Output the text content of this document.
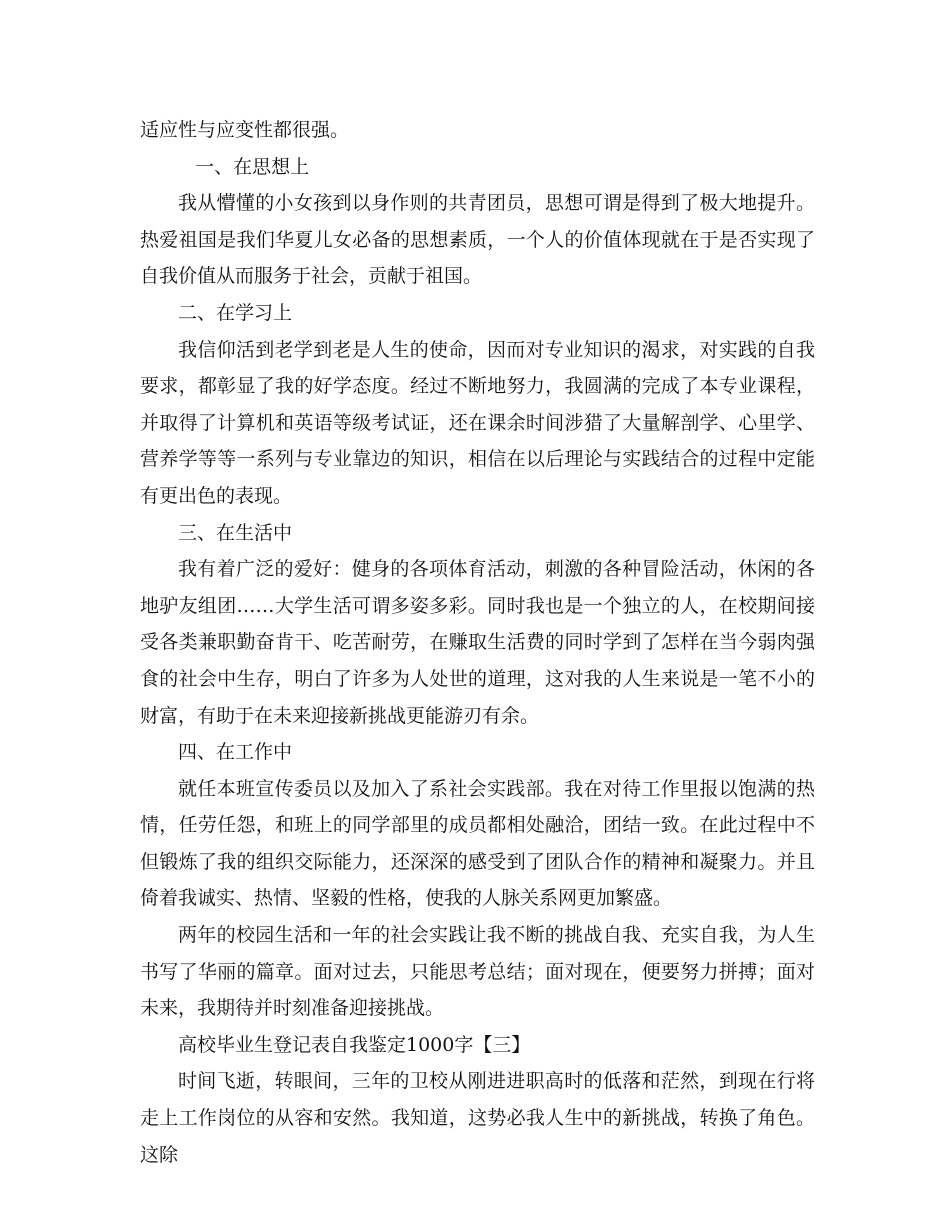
适应性与应变性都很强。

一、在思想上

我从懵懂的小女孩到以身作则的共青团员，思想可谓是得到了极大地提升。热爱祖国是我们华夏儿女必备的思想素质，一个人的价值体现就在于是否实现了自我价值从而服务于社会，贡献于祖国。

二、在学习上

我信仰活到老学到老是人生的使命，因而对专业知识的渴求，对实践的自我要求，都彰显了我的好学态度。经过不断地努力，我圆满的完成了本专业课程，并取得了计算机和英语等级考试证，还在课余时间涉猎了大量解剖学、心里学、营养学等等一系列与专业靠边的知识，相信在以后理论与实践结合的过程中定能有更出色的表现。

三、在生活中

我有着广泛的爱好：健身的各项体育活动，刺激的各种冒险活动，休闲的各地驴友组团……大学生活可谓多姿多彩。同时我也是一个独立的人，在校期间接受各类兼职勤奋肯干、吃苦耐劳，在赚取生活费的同时学到了怎样在当今弱肉强食的社会中生存，明白了许多为人处世的道理，这对我的人生来说是一笔不小的财富，有助于在未来迎接新挑战更能游刃有余。

四、在工作中

就任本班宣传委员以及加入了系社会实践部。我在对待工作里报以饱满的热情，任劳任怨，和班上的同学部里的成员都相处融洽，团结一致。在此过程中不但锻炼了我的组织交际能力，还深深的感受到了团队合作的精神和凝聚力。并且倚着我诚实、热情、坚毅的性格，使我的人脉关系网更加繁盛。

两年的校园生活和一年的社会实践让我不断的挑战自我、充实自我，为人生书写了华丽的篇章。面对过去，只能思考总结；面对现在，便要努力拼搏；面对未来，我期待并时刻准备迎接挑战。

高校毕业生登记表自我鉴定1000字【三】

时间飞逝，转眼间，三年的卫校从刚进进职高时的低落和茫然，到现在行将走上工作岗位的从容和安然。我知道，这势必我人生中的新挑战，转换了角色。这除
